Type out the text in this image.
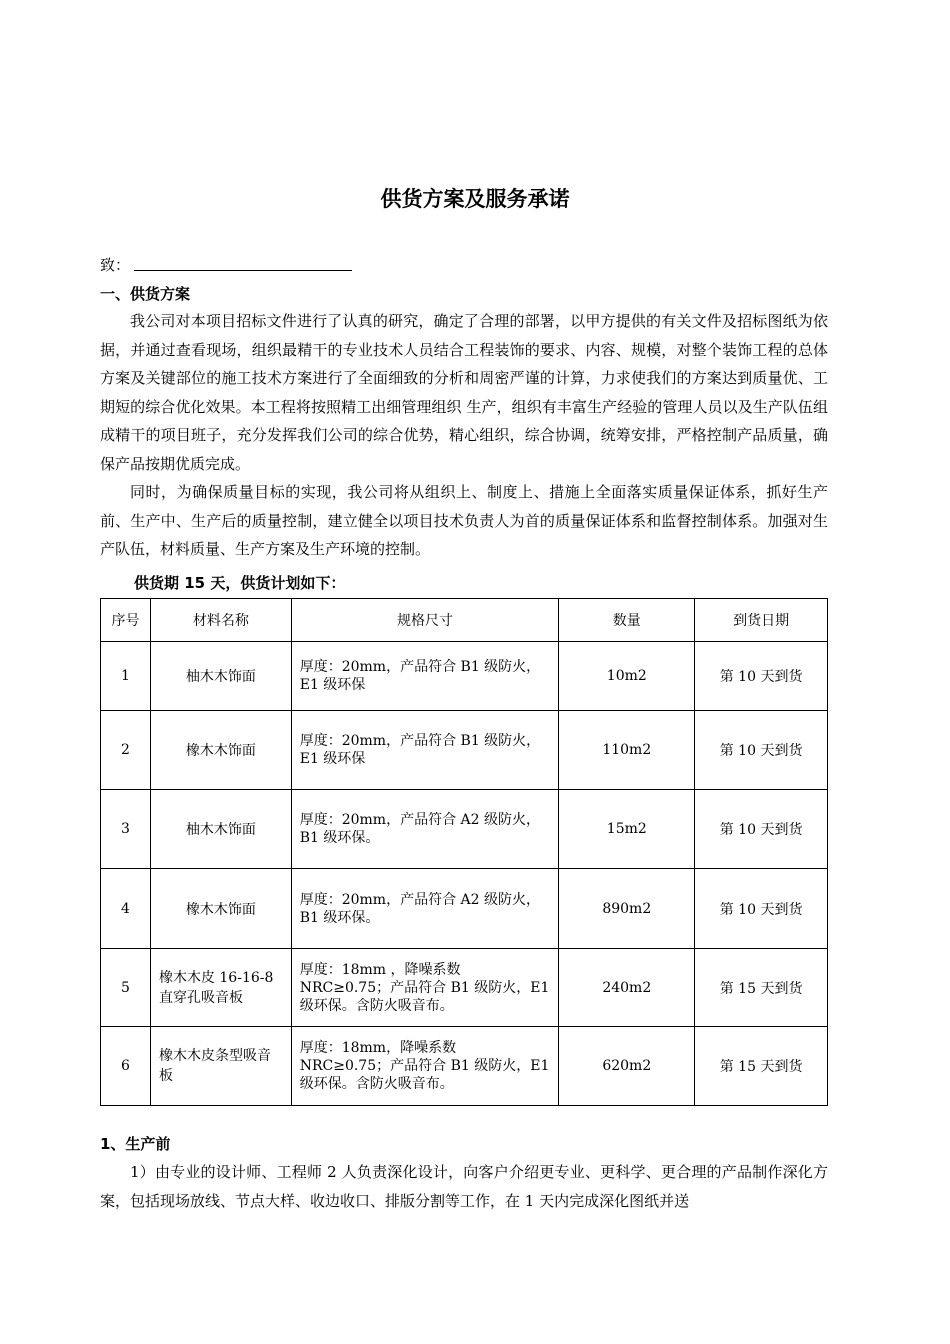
供货方案及服务承诺
致：
一、供货方案

我公司对本项目招标文件进行了认真的研究，确定了合理的部署，以甲方提供的有关文件及招标图纸为依据，并通过查看现场，组织最精干的专业技术人员结合工程装饰的要求、内容、规模，对整个装饰工程的总体方案及关键部位的施工技术方案进行了全面细致的分析和周密严谨的计算，力求使我们的方案达到质量优、工期短的综合优化效果。本工程将按照精工出细管理组织 生产，组织有丰富生产经验的管理人员以及生产队伍组成精干的项目班子，充分发挥我们公司的综合优势，精心组织，综合协调，统筹安排，严格控制产品质量，确保产品按期优质完成。

同时，为确保质量目标的实现，我公司将从组织上、制度上、措施上全面落实质量保证体系，抓好生产前、生产中、生产后的质量控制，建立健全以项目技术负责人为首的质量保证体系和监督控制体系。加强对生产队伍，材料质量、生产方案及生产环境的控制。

供货期 15 天，供货计划如下：
序号	材料名称	规格尺寸	数量	到货日期
1	柚木木饰面	厚度：20mm，产品符合 B1 级防火，E1 级环保	10m2	第 10 天到货
2	橡木木饰面	厚度：20mm，产品符合 B1 级防火，E1 级环保	110m2	第 10 天到货
3	柚木木饰面	厚度：20mm，产品符合 A2 级防火，B1 级环保。	15m2	第 10 天到货
4	橡木木饰面	厚度：20mm，产品符合 A2 级防火，B1 级环保。	890m2	第 10 天到货
5	橡木木皮 16-16-8 直穿孔吸音板	厚度：18mm ，降噪系数 NRC≥0.75；产品符合 B1 级防火，E1 级环保。含防火吸音布。	240m2	第 15 天到货
6	橡木木皮条型吸音板	厚度：18mm，降噪系数 NRC≥0.75；产品符合 B1 级防火，E1 级环保。含防火吸音布。	620m2	第 15 天到货
1、生产前

1）由专业的设计师、工程师 2 人负责深化设计，向客户介绍更专业、更科学、更合理的产品制作深化方案，包括现场放线、节点大样、收边收口、排版分割等工作，在 1 天内完成深化图纸并送
